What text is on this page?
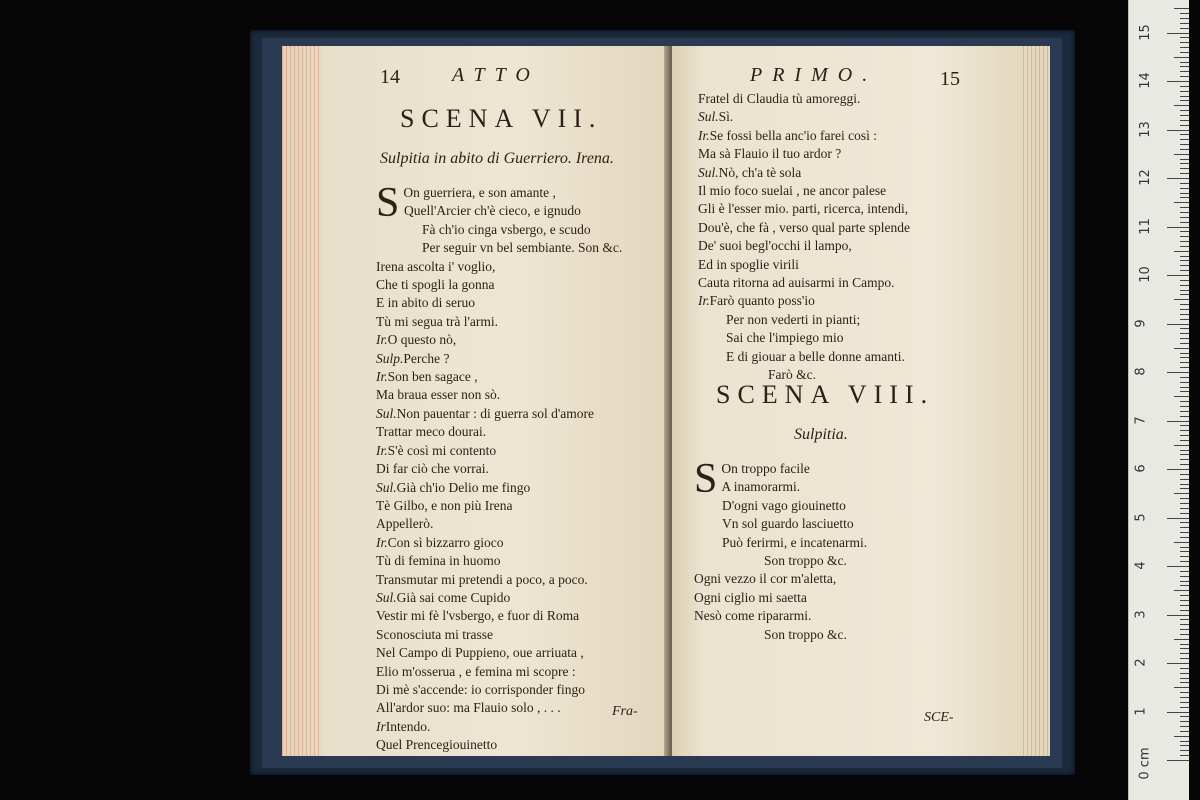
14	ATTO
SCENA VII.
Sulpitia in abito di Guerriero. Irena.
S On guerriera, e son amante ,
Quell'Arcier ch'è cieco, e ignudo
Fà ch'io cinga vsbergo, e scudo
Per seguir vn bel sembiante. Son &c.
Irena ascolta i' voglio,
Che ti spogli la gonna
E in abito di seruo
Tù mi segua trà l'armi.
Ir.O questo nò,
Sulp.Perche ?
Ir.Son ben sagace ,
Ma braua esser non sò.
Sul.Non pauentar : di guerra sol d'amore
Trattar meco dourai.
Ir.S'è così mi contento
Di far ciò che vorrai.
Sul.Già ch'io Delio me fingo
Tè Gilbo, e non più Irena
Appellerò.
Ir.Con sì bizzarro gioco
Tù di femina in huomo
Transmutar mi pretendi a poco, a poco.
Sul.Già sai come Cupido
Vestir mi fè l'vsbergo, e fuor di Roma
Sconosciuta mi trasse
Nel Campo di Puppieno, oue arriuata ,
Elio m'osserua , e femina mi scopre :
Di mè s'accende: io corrisponder fingo
All'ardor suo: ma Flauio solo , . . .
IrIntendo.
Quel Prencegiouinetto
Fra-
PRIMO.	15
Fratel di Claudia tù amoreggi.
Sul.Sì.
Ir.Se fossi bella anc'io farei così :
Ma sà Flauio il tuo ardor ?
Sul.Nò, ch'a tè sola
Il mio foco suelai , ne ancor palese
Gli è l'esser mio. parti, ricerca, intendi,
Dou'è, che fà , verso qual parte splende
De' suoi begl'occhi il lampo,
Ed in spoglie virili
Cauta ritorna ad auisarmi in Campo.
Ir.Farò quanto poss'io
Per non vederti in pianti;
Sai che l'impiego mio
E di giouar a belle donne amanti.
Farò &c.
SCENA VIII.
Sulpitia.
S On troppo facile
A inamorarmi.
D'ogni vago giouinetto
Vn sol guardo lasciuetto
Può ferirmi, e incatenarmi.
Son troppo &c.
Ogni vezzo il cor m'aletta,
Ogni ciglio mi saetta
Nesò come ripararmi.
Son troppo &c.
SCE-
0 cm
1
2
3
4
5
6
7
8
9
10
11
12
13
14
15
